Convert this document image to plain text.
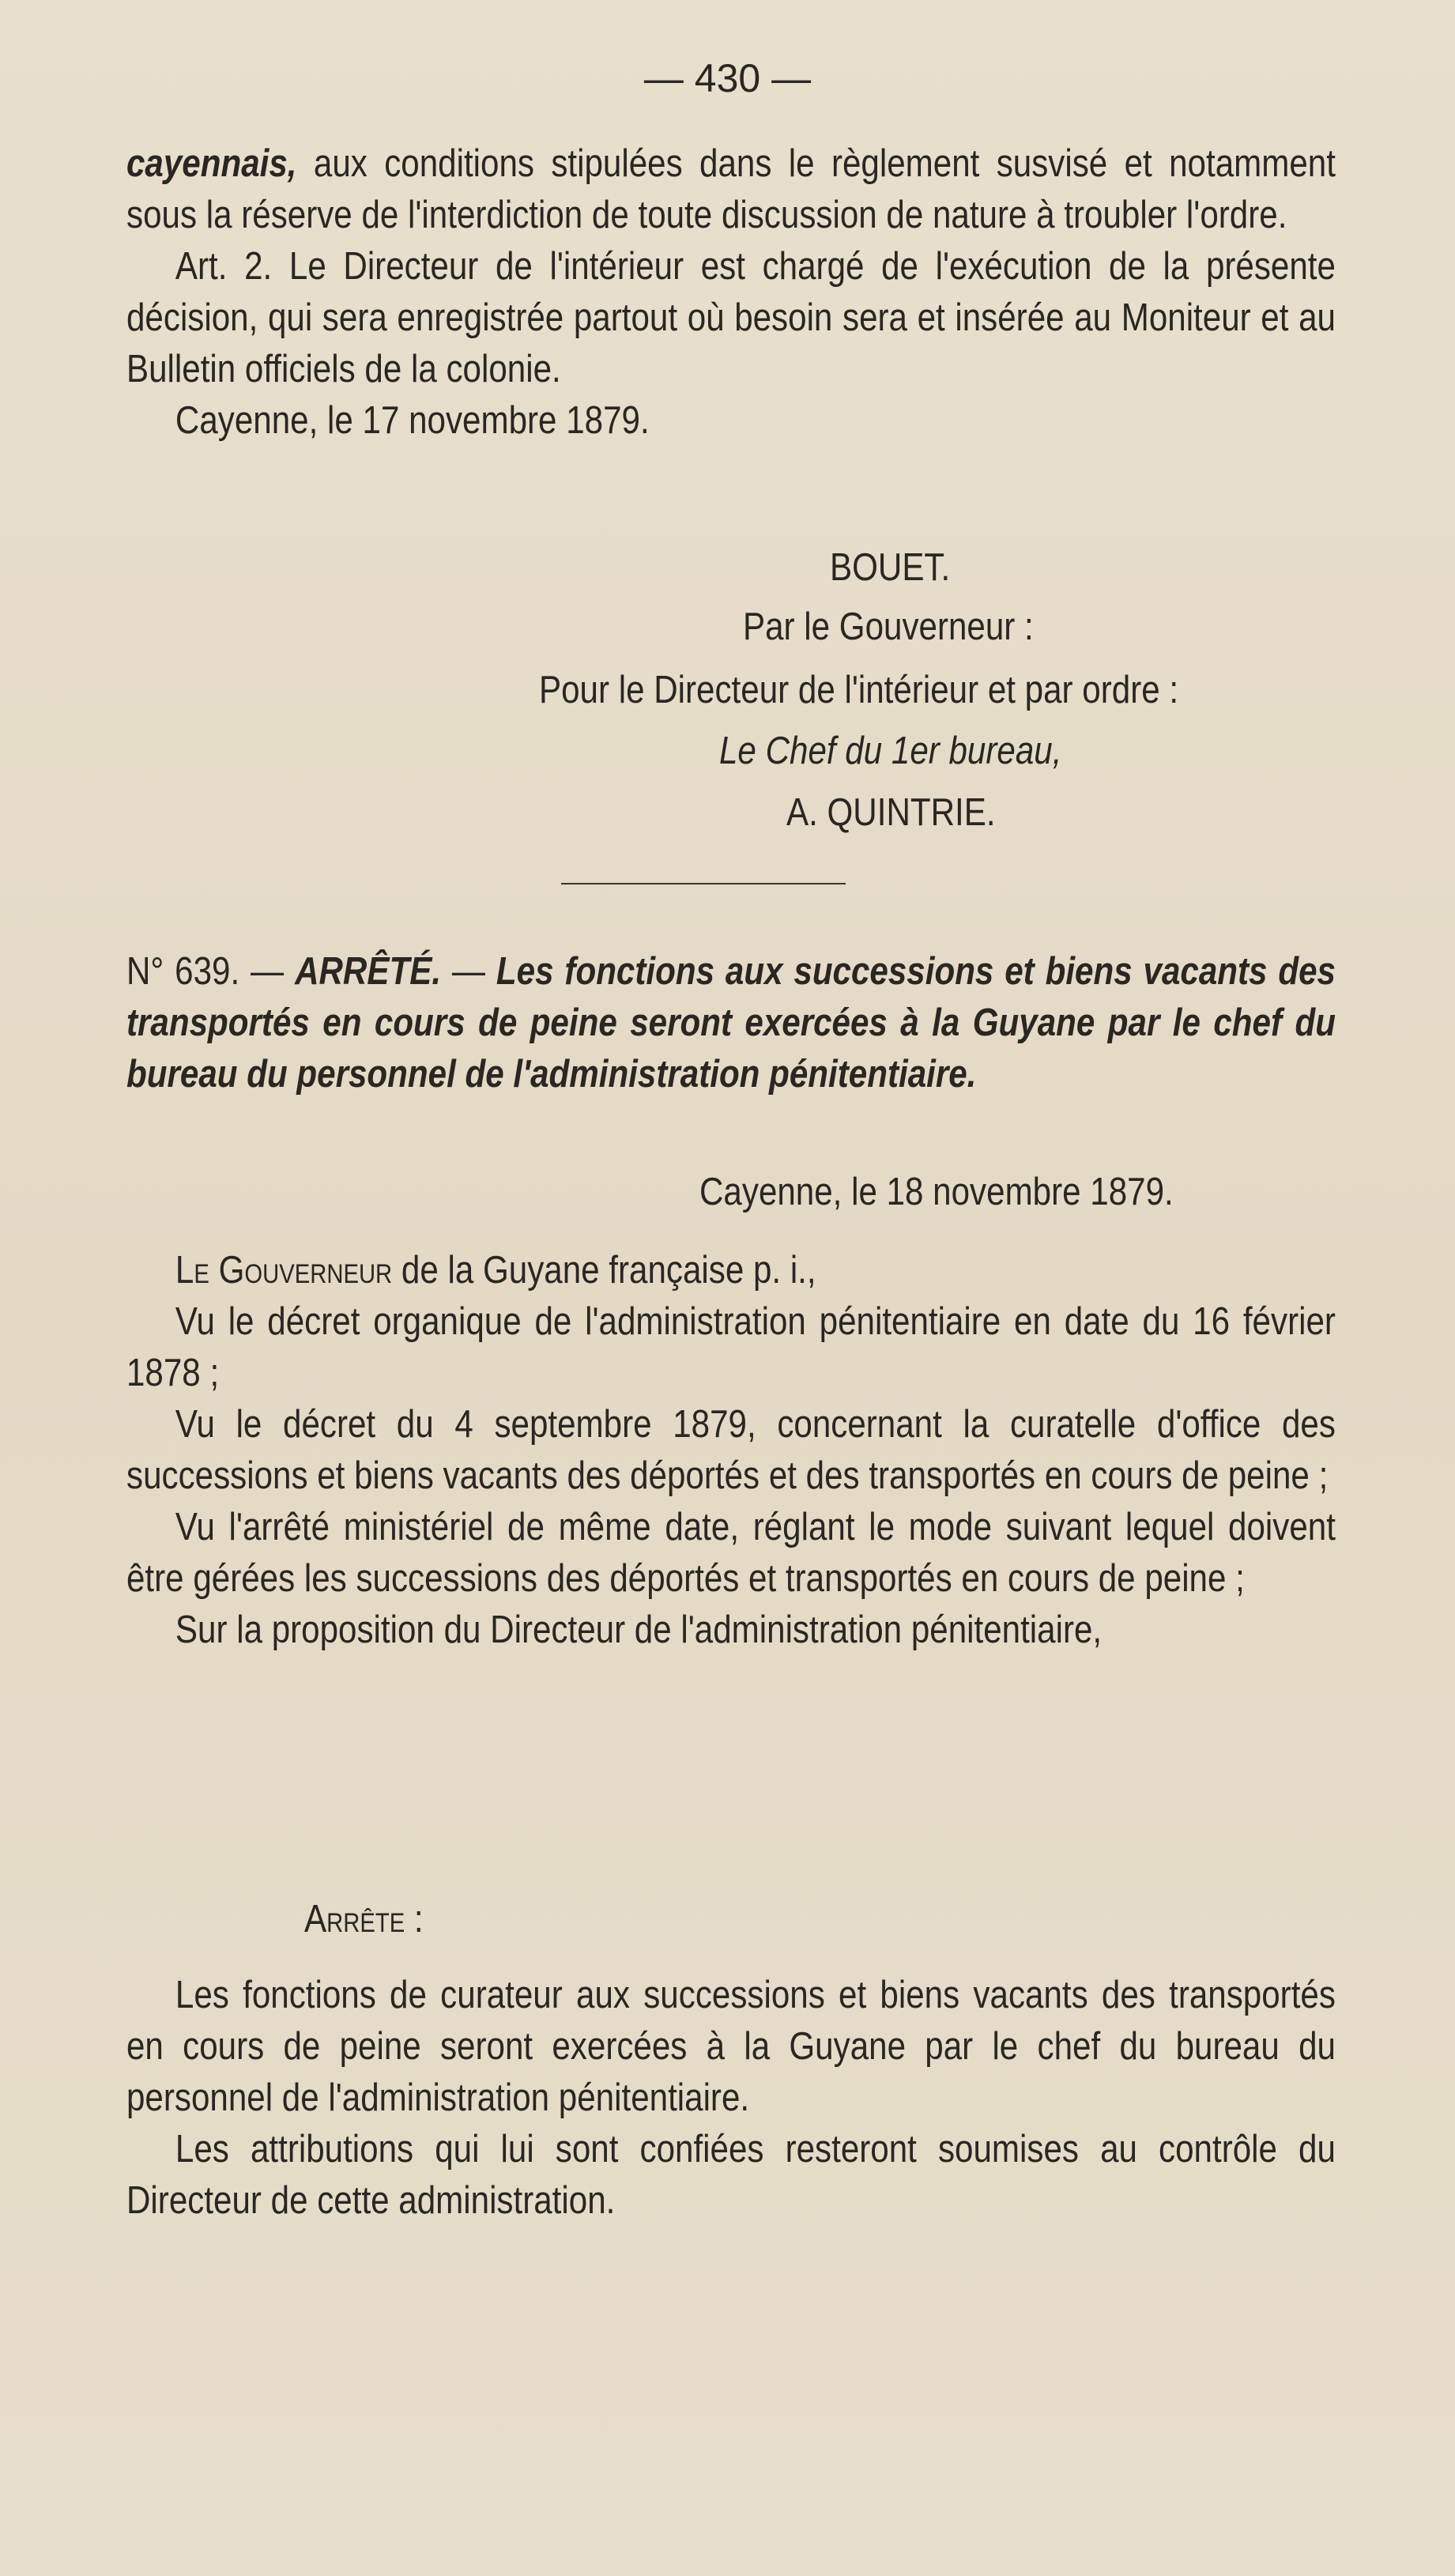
— 430 —

cayennais, aux conditions stipulées dans le règlement susvisé et notamment sous la réserve de l'interdiction de toute discussion de nature à troubler l'ordre.

Art. 2. Le Directeur de l'intérieur est chargé de l'exécution de la présente décision, qui sera enregistrée partout où besoin sera et insérée au Moniteur et au Bulletin officiels de la colonie.

Cayenne, le 17 novembre 1879.

BOUET.
Par le Gouverneur :
Pour le Directeur de l'intérieur et par ordre :
Le Chef du 1er bureau,
A. QUINTRIE.

N° 639. — ARRÊTÉ. — Les fonctions aux successions et biens vacants des transportés en cours de peine seront exercées à la Guyane par le chef du bureau du personnel de l'administration pénitentiaire.

Cayenne, le 18 novembre 1879.

Le Gouverneur de la Guyane française p. i.,

Vu le décret organique de l'administration pénitentiaire en date du 16 février 1878 ;

Vu le décret du 4 septembre 1879, concernant la curatelle d'office des successions et biens vacants des déportés et des transportés en cours de peine ;

Vu l'arrêté ministériel de même date, réglant le mode suivant lequel doivent être gérées les successions des déportés et transportés en cours de peine ;

Sur la proposition du Directeur de l'administration pénitentiaire,

Arrête :

Les fonctions de curateur aux successions et biens vacants des transportés en cours de peine seront exercées à la Guyane par le chef du bureau du personnel de l'administration pénitentiaire.

Les attributions qui lui sont confiées resteront soumises au contrôle du Directeur de cette administration.
